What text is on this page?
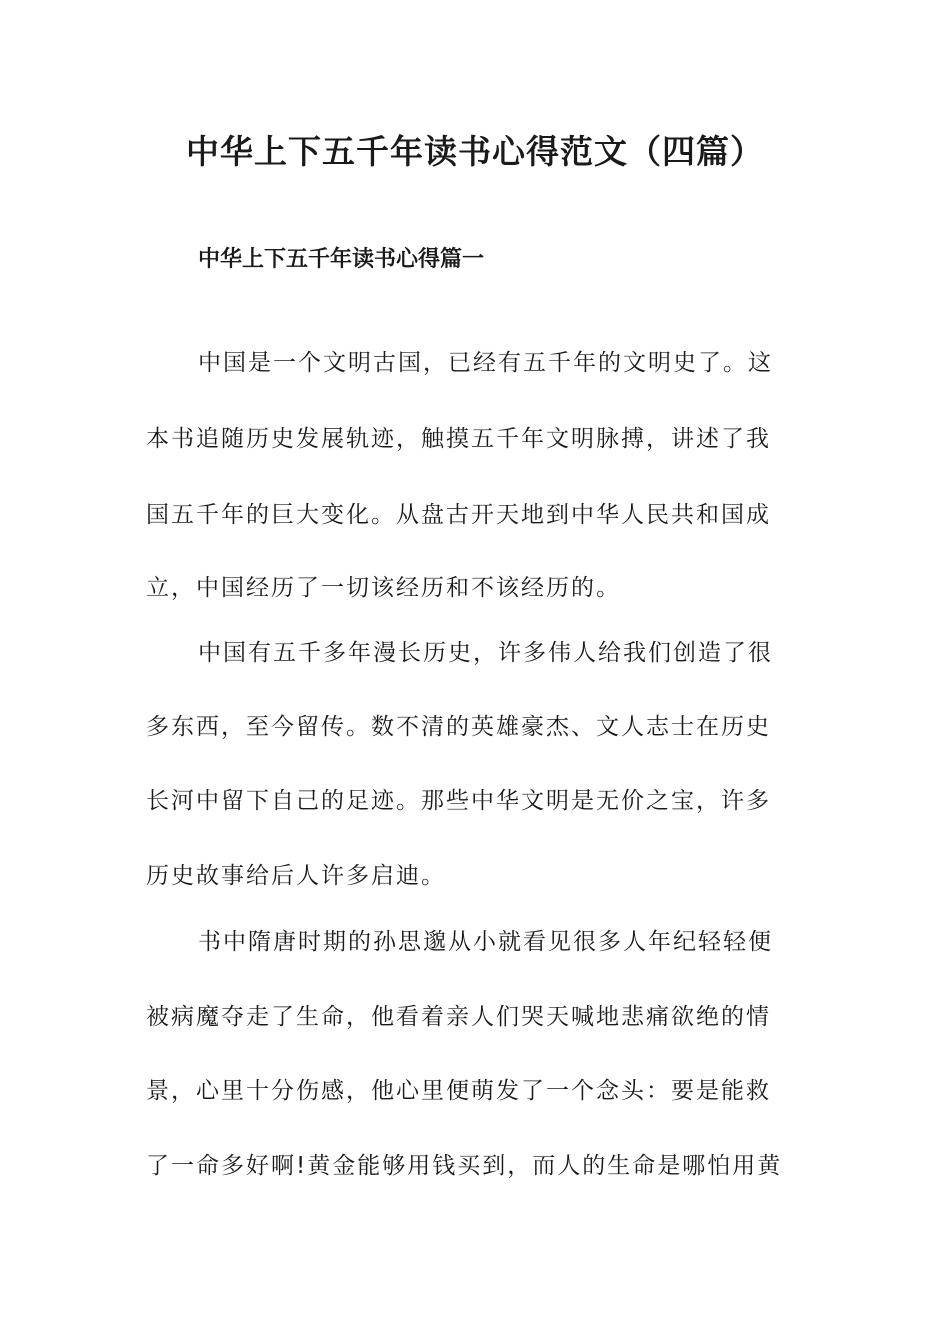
中华上下五千年读书心得范文（四篇）
中华上下五千年读书心得篇一

中国是一个文明古国，已经有五千年的文明史了。这

本书追随历史发展轨迹，触摸五千年文明脉搏，讲述了我

国五千年的巨大变化。从盘古开天地到中华人民共和国成

立，中国经历了一切该经历和不该经历的。

中国有五千多年漫长历史，许多伟人给我们创造了很

多东西，至今留传。数不清的英雄豪杰、文人志士在历史

长河中留下自己的足迹。那些中华文明是无价之宝，许多

历史故事给后人许多启迪。

书中隋唐时期的孙思邈从小就看见很多人年纪轻轻便

被病魔夺走了生命，他看着亲人们哭天喊地悲痛欲绝的情

景，心里十分伤感，他心里便萌发了一个念头：要是能救

了一命多好啊!黄金能够用钱买到，而人的生命是哪怕用黄
